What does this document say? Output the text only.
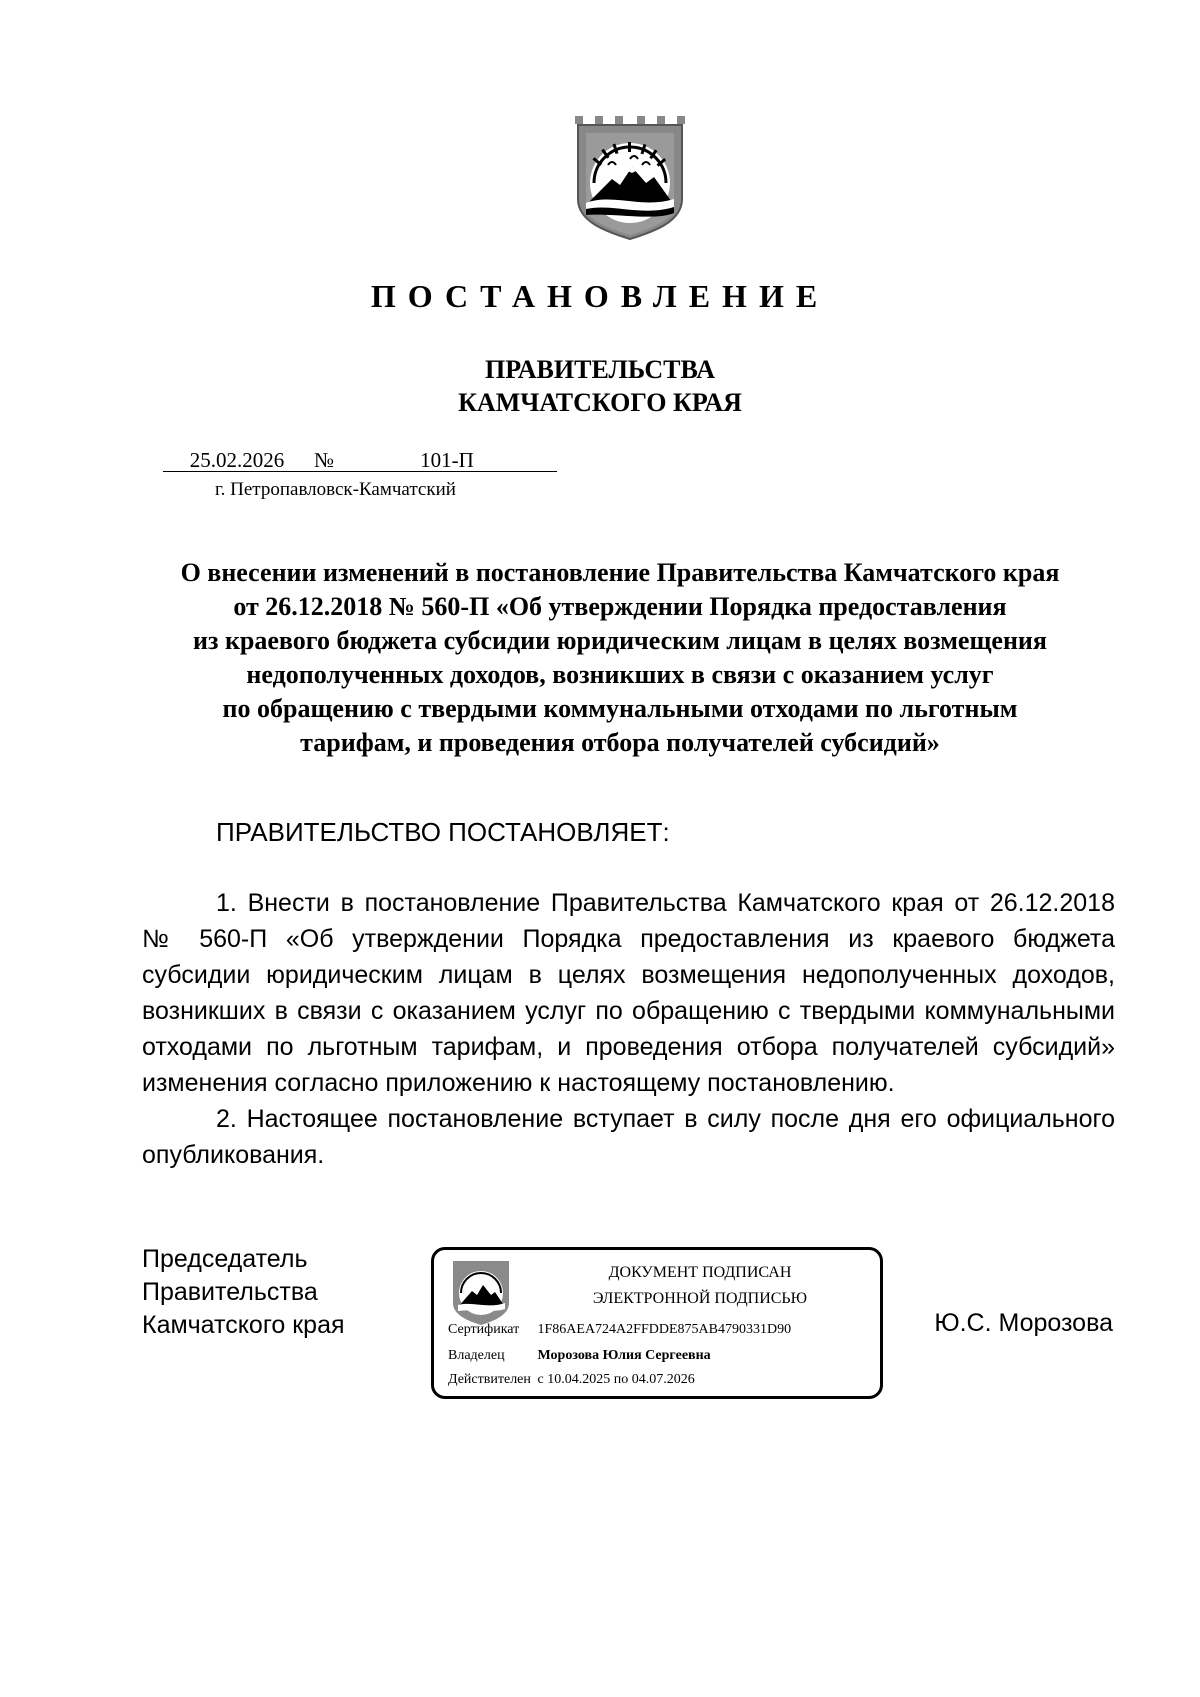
ПОСТАНОВЛЕНИЕ
ПРАВИТЕЛЬСТВА
КАМЧАТСКОГО КРАЯ
25.02.2026 №	101-П
г. Петропавловск-Камчатский
О внесении изменений в постановление Правительства Камчатского края
от 26.12.2018 № 560-П «Об утверждении Порядка предоставления
из краевого бюджета субсидии юридическим лицам в целях возмещения
недополученных доходов, возникших в связи с оказанием услуг
по обращению с твердыми коммунальными отходами по льготным
тарифам, и проведения отбора получателей субсидий»
ПРАВИТЕЛЬСТВО ПОСТАНОВЛЯЕТ:

1. Внести в постановление Правительства Камчатского края от 26.12.2018 № 560-П «Об утверждении Порядка предоставления из краевого бюджета субсидии юридическим лицам в целях возмещения недополученных доходов, возникших в связи с оказанием услуг по обращению с твердыми коммунальными отходами по льготным тарифам, и проведения отбора получателей субсидий» изменения согласно приложению к настоящему постановлению.

2. Настоящее постановление вступает в силу после дня его официального опубликования.

Председатель
Правительства
Камчатского края
ДОКУМЕНТ ПОДПИСАН
ЭЛЕКТРОННОЙ ПОДПИСЬЮ
Сертификат 1F86AEA724A2FFDDE875AB4790331D90
Владелец Морозова Юлия Сергеевна
Действителен с 10.04.2025 по 04.07.2026
Ю.С. Морозова
